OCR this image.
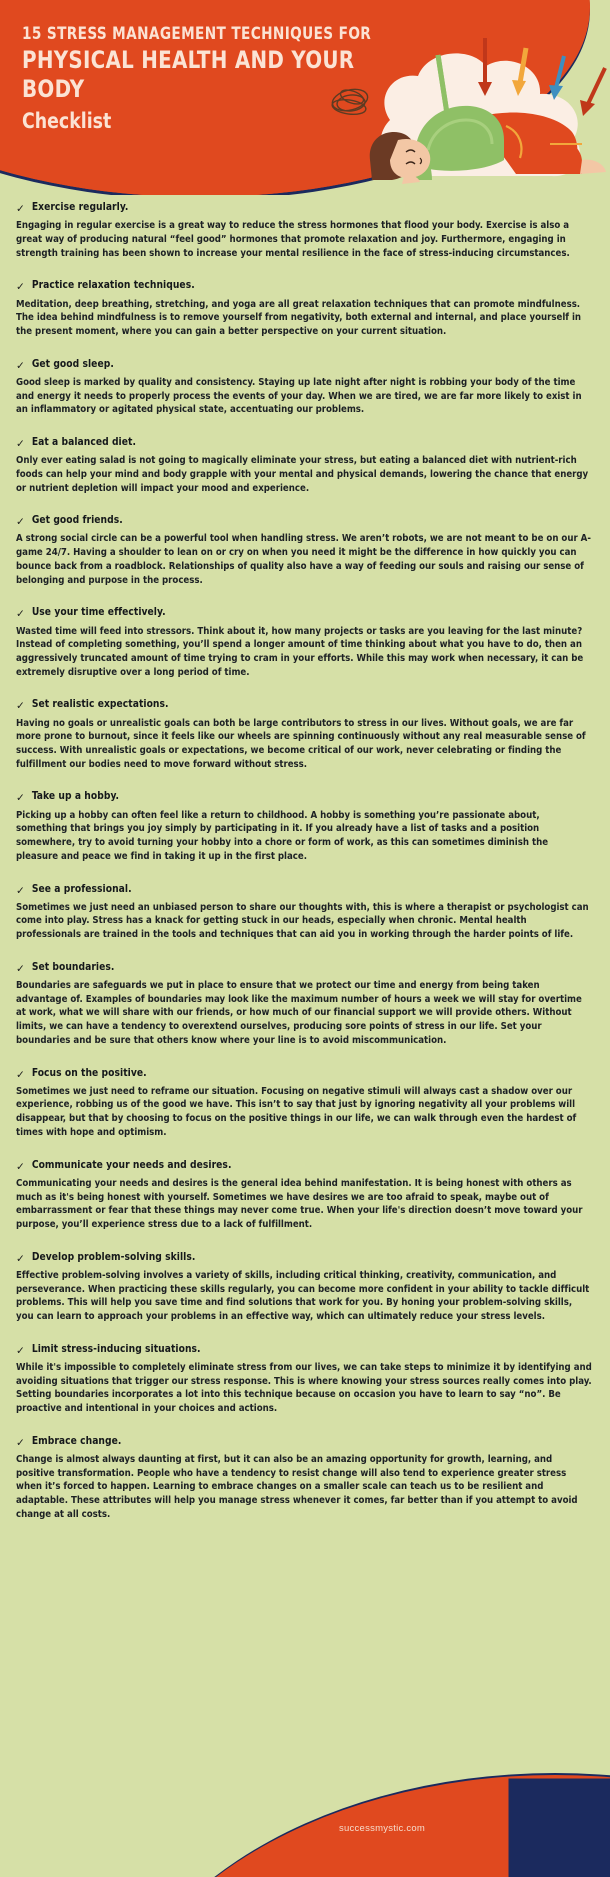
15 STRESS MANAGEMENT TECHNIQUES FOR
PHYSICAL HEALTH AND YOUR BODY
Checklist
✓ Exercise regularly.
Engaging in regular exercise is a great way to reduce the stress hormones that flood your body. Exercise is also a great way of producing natural “feel good” hormones that promote relaxation and joy. Furthermore, engaging in strength training has been shown to increase your mental resilience in the face of stress-inducing circumstances.
✓ Practice relaxation techniques.
Meditation, deep breathing, stretching, and yoga are all great relaxation techniques that can promote mindfulness. The idea behind mindfulness is to remove yourself from negativity, both external and internal, and place yourself in the present moment, where you can gain a better perspective on your current situation.
✓ Get good sleep.
Good sleep is marked by quality and consistency. Staying up late night after night is robbing your body of the time and energy it needs to properly process the events of your day. When we are tired, we are far more likely to exist in an inflammatory or agitated physical state, accentuating our problems.
✓ Eat a balanced diet.
Only ever eating salad is not going to magically eliminate your stress, but eating a balanced diet with nutrient-rich foods can help your mind and body grapple with your mental and physical demands, lowering the chance that energy or nutrient depletion will impact your mood and experience.
✓ Get good friends.
A strong social circle can be a powerful tool when handling stress. We aren’t robots, we are not meant to be on our A-game 24/7. Having a shoulder to lean on or cry on when you need it might be the difference in how quickly you can bounce back from a roadblock. Relationships of quality also have a way of feeding our souls and raising our sense of belonging and purpose in the process.
✓ Use your time effectively.
Wasted time will feed into stressors. Think about it, how many projects or tasks are you leaving for the last minute? Instead of completing something, you’ll spend a longer amount of time thinking about what you have to do, then an aggressively truncated amount of time trying to cram in your efforts. While this may work when necessary, it can be extremely disruptive over a long period of time.
✓ Set realistic expectations.
Having no goals or unrealistic goals can both be large contributors to stress in our lives. Without goals, we are far more prone to burnout, since it feels like our wheels are spinning continuously without any real measurable sense of success. With unrealistic goals or expectations, we become critical of our work, never celebrating or finding the fulfillment our bodies need to move forward without stress.
✓ Take up a hobby.
Picking up a hobby can often feel like a return to childhood. A hobby is something you’re passionate about, something that brings you joy simply by participating in it. If you already have a list of tasks and a position somewhere, try to avoid turning your hobby into a chore or form of work, as this can sometimes diminish the pleasure and peace we find in taking it up in the first place.
✓ See a professional.
Sometimes we just need an unbiased person to share our thoughts with, this is where a therapist or psychologist can come into play. Stress has a knack for getting stuck in our heads, especially when chronic. Mental health professionals are trained in the tools and techniques that can aid you in working through the harder points of life.
✓ Set boundaries.
Boundaries are safeguards we put in place to ensure that we protect our time and energy from being taken advantage of. Examples of boundaries may look like the maximum number of hours a week we will stay for overtime at work, what we will share with our friends, or how much of our financial support we will provide others. Without limits, we can have a tendency to overextend ourselves, producing sore points of stress in our life. Set your boundaries and be sure that others know where your line is to avoid miscommunication.
✓ Focus on the positive.
Sometimes we just need to reframe our situation. Focusing on negative stimuli will always cast a shadow over our experience, robbing us of the good we have. This isn’t to say that just by ignoring negativity all your problems will disappear, but that by choosing to focus on the positive things in our life, we can walk through even the hardest of times with hope and optimism.
✓ Communicate your needs and desires.
Communicating your needs and desires is the general idea behind manifestation. It is being honest with others as much as it's being honest with yourself. Sometimes we have desires we are too afraid to speak, maybe out of embarrassment or fear that these things may never come true. When your life's direction doesn’t move toward your purpose, you’ll experience stress due to a lack of fulfillment.
✓ Develop problem-solving skills.
Effective problem-solving involves a variety of skills, including critical thinking, creativity, communication, and perseverance. When practicing these skills regularly, you can become more confident in your ability to tackle difficult problems. This will help you save time and find solutions that work for you. By honing your problem-solving skills, you can learn to approach your problems in an effective way, which can ultimately reduce your stress levels.
✓ Limit stress-inducing situations.
While it's impossible to completely eliminate stress from our lives, we can take steps to minimize it by identifying and avoiding situations that trigger our stress response. This is where knowing your stress sources really comes into play. Setting boundaries incorporates a lot into this technique because on occasion you have to learn to say “no”. Be proactive and intentional in your choices and actions.
✓ Embrace change.
Change is almost always daunting at first, but it can also be an amazing opportunity for growth, learning, and positive transformation. People who have a tendency to resist change will also tend to experience greater stress when it’s forced to happen. Learning to embrace changes on a smaller scale can teach us to be resilient and adaptable. These attributes will help you manage stress whenever it comes, far better than if you attempt to avoid change at all costs.
successmystic.com
